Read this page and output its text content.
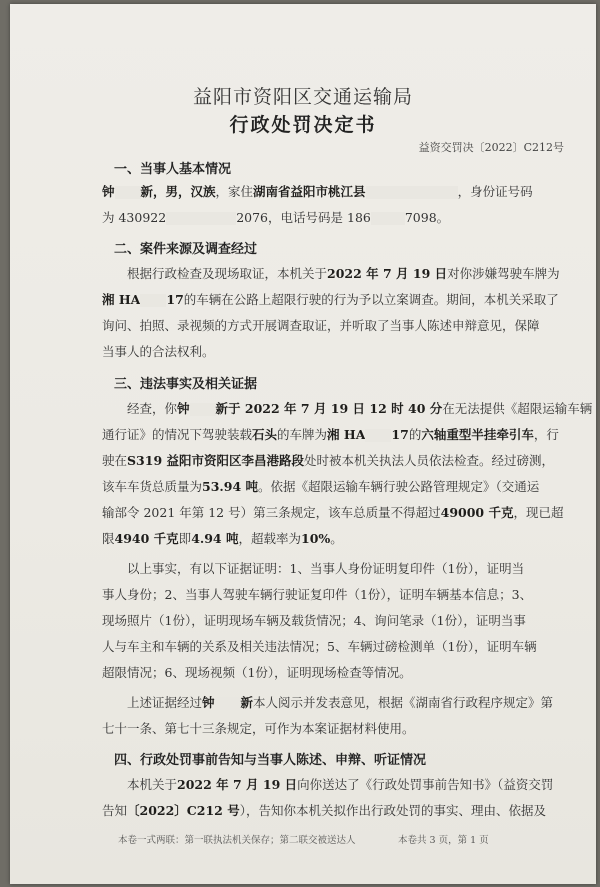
益阳市资阳区交通运输局
行政处罚决定书
益资交罚决〔2022〕C212号
一、当事人基本情况
钟 新，男，汉族，家住湖南省益阳市桃江县	，身份证号码
为 430922	2076，电话号码是 186	7098。
二、案件来源及调查经过
根据行政检查及现场取证，本机关于2022 年 7 月 19 日对你涉嫌驾驶车牌为
湘 HA 17的车辆在公路上超限行驶的行为予以立案调查。期间，本机关采取了
询问、拍照、录视频的方式开展调查取证，并听取了当事人陈述申辩意见，保障
当事人的合法权利。
三、违法事实及相关证据
经查，你钟 新于 2022 年 7 月 19 日 12 时 40 分在无法提供《超限运输车辆
通行证》的情况下驾驶装载石头的车牌为湘 HA 17的六轴重型半挂牵引车，行
驶在S319 益阳市资阳区李昌港路段处时被本机关执法人员依法检查。经过磅测，
该车车货总质量为53.94 吨。依据《超限运输车辆行驶公路管理规定》（交通运
输部令 2021 年第 12 号）第三条规定，该车总质量不得超过49000 千克，现已超
限4940 千克即4.94 吨，超载率为10%。
以上事实，有以下证据证明：1、当事人身份证明复印件（1份），证明当
事人身份；2、当事人驾驶车辆行驶证复印件（1份），证明车辆基本信息；3、
现场照片（1份），证明现场车辆及载货情况；4、询问笔录（1份），证明当事
人与车主和车辆的关系及相关违法情况；5、车辆过磅检测单（1份），证明车辆
超限情况；6、现场视频（1份），证明现场检查等情况。
上述证据经过钟 新本人阅示并发表意见，根据《湖南省行政程序规定》第
七十一条、第七十三条规定，可作为本案证据材料使用。
四、行政处罚事前告知与当事人陈述、申辩、听证情况
本机关于2022 年 7 月 19 日向你送达了《行政处罚事前告知书》（益资交罚
告知〔2022〕C212 号），告知你本机关拟作出行政处罚的事实、理由、依据及
本卷一式两联：第一联执法机关保存；第二联交被送达人	本卷共 3 页，第 1 页
